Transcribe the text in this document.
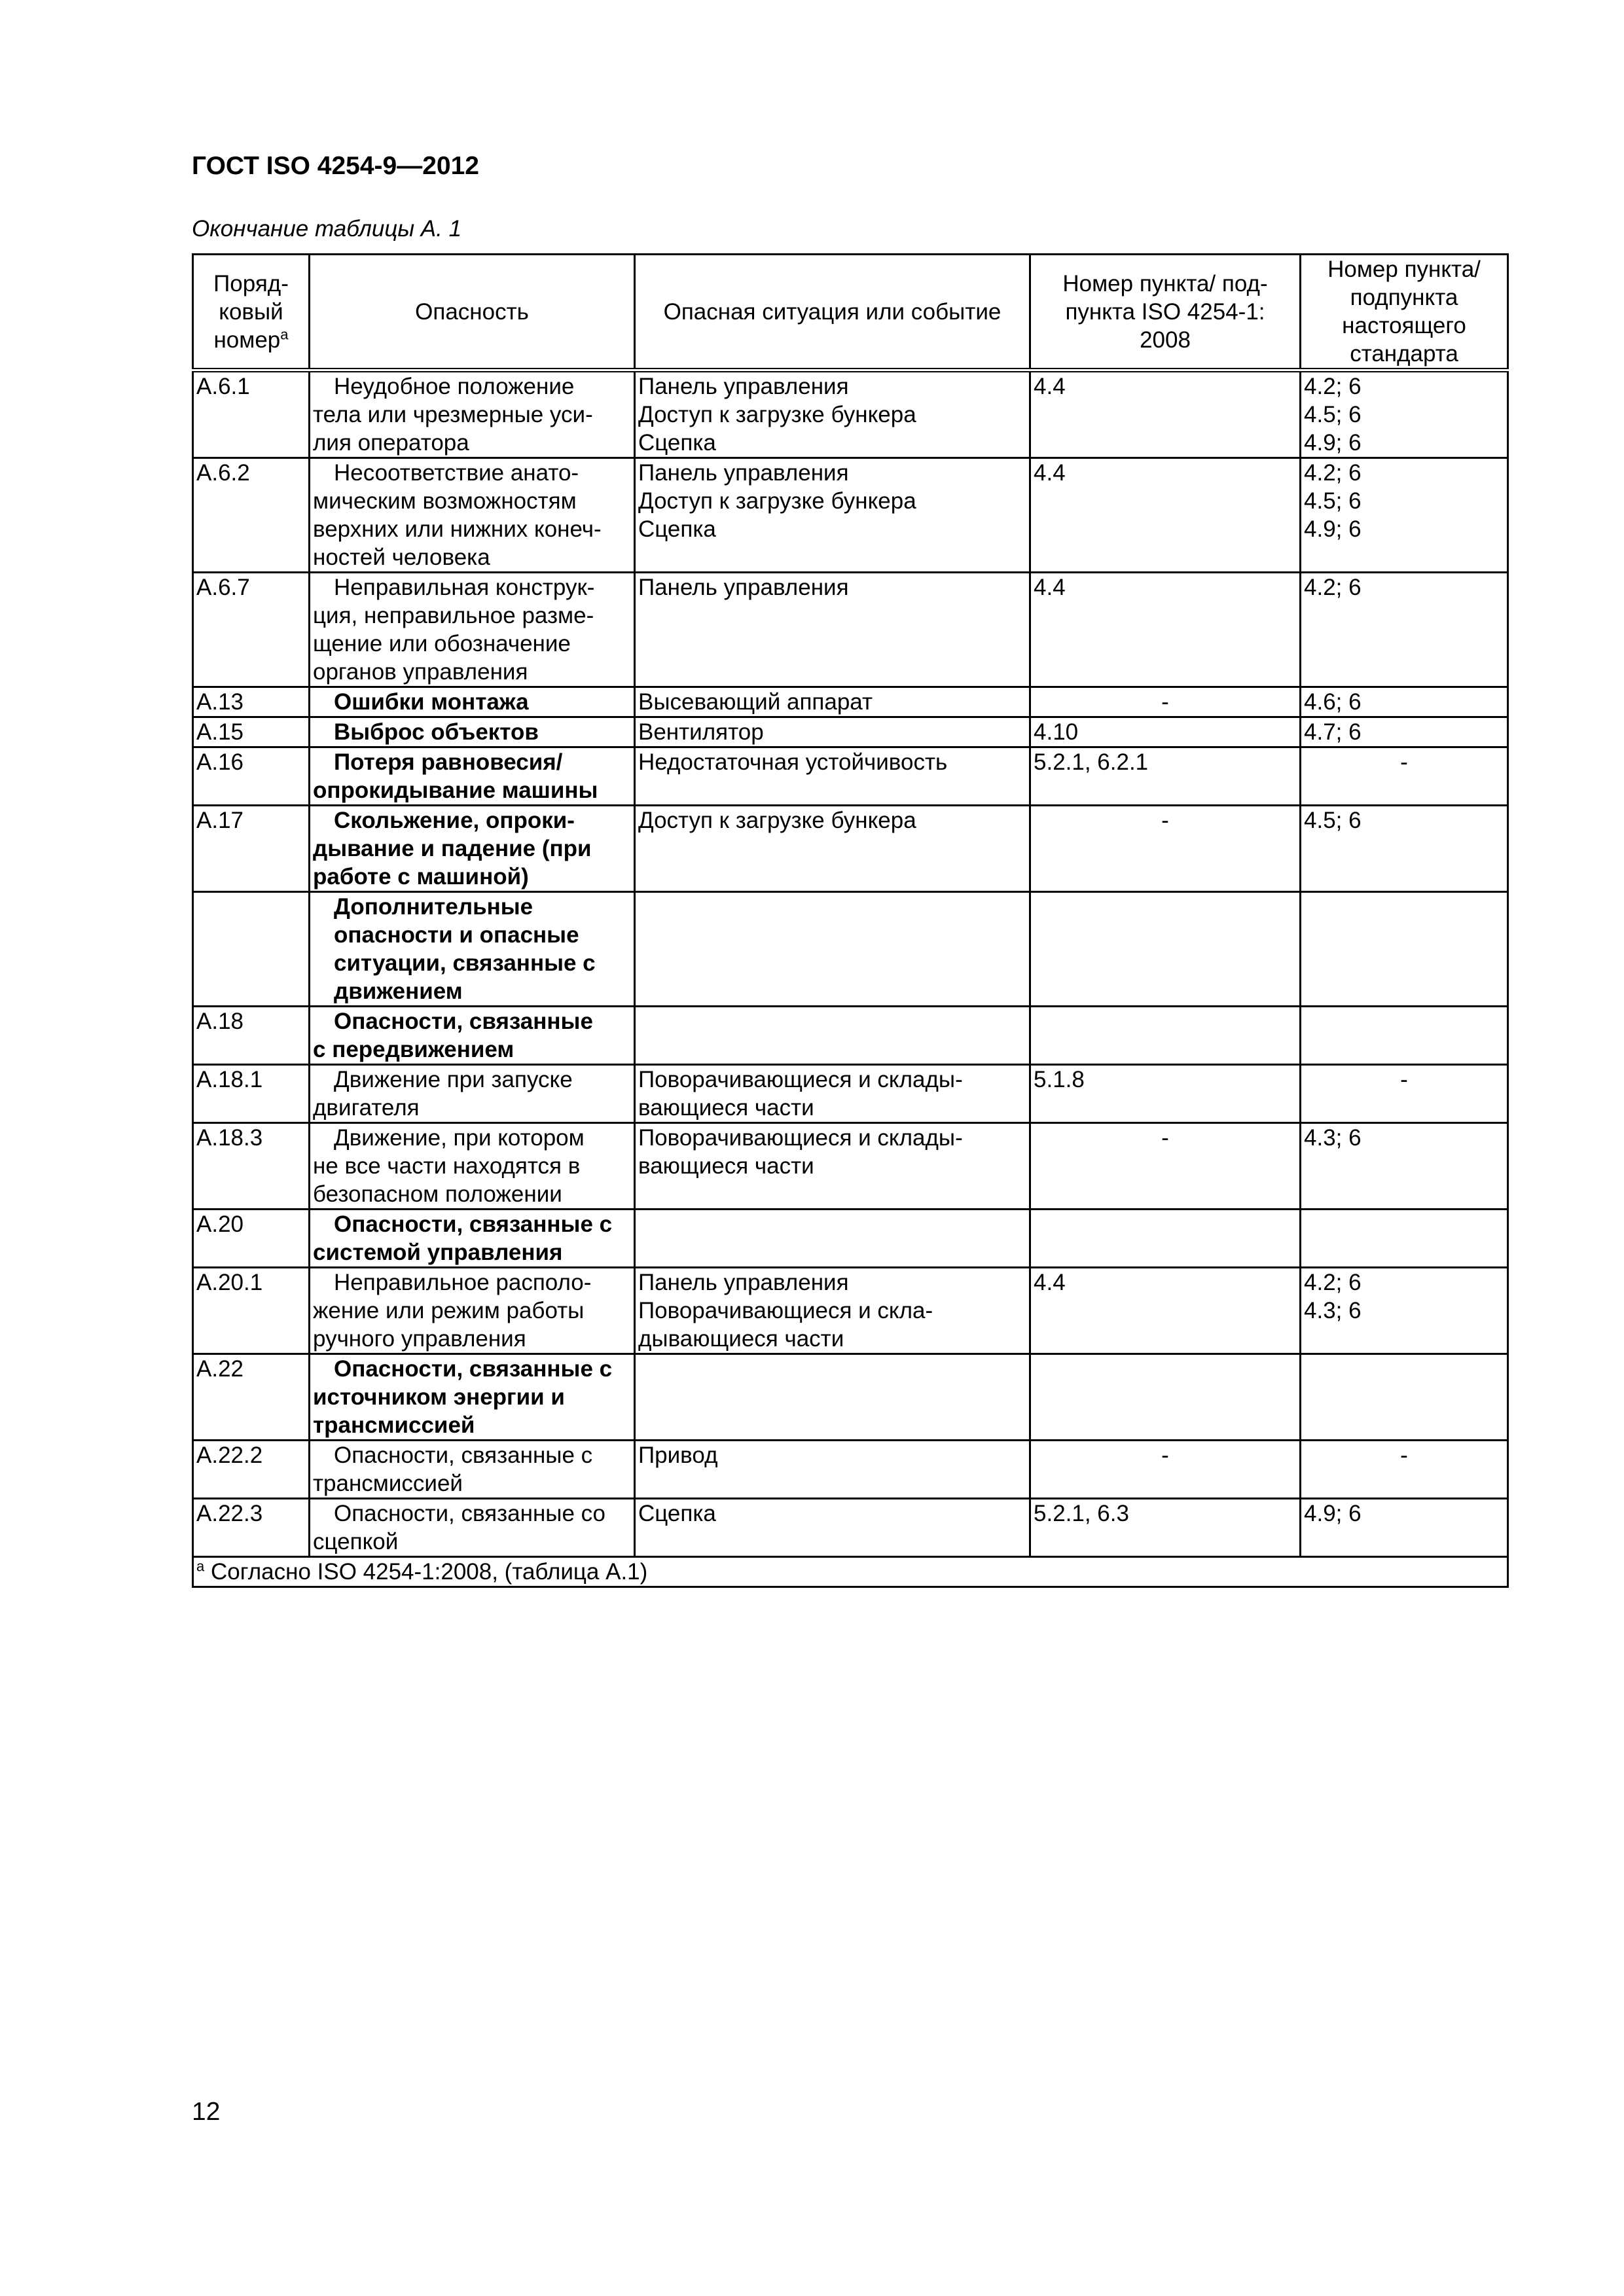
ГОСТ ISO 4254-9—2012
Окончание таблицы А. 1
Поряд-
ковый
номер$^a$	Опасность	Опасная ситуация или событие	Номер пункта/ под-
пункта ISO 4254-1:
2008	Номер пункта/
подпункта
настоящего
стандарта

А.6.1	Неудобное положение
тела или чрезмерные уси-
лия оператора	Панель управления
Доступ к загрузке бункера
Сцепка	4.4	4.2; 6
4.5; 6
4.9; 6

А.6.2	Несоответствие анато-
мическим возможностям
верхних или нижних конеч-
ностей человека	Панель управления
Доступ к загрузке бункера
Сцепка	4.4	4.2; 6
4.5; 6
4.9; 6

А.6.7	Неправильная конструк-
ция, неправильное разме-
щение или обозначение
органов управления	Панель управления	4.4	4.2; 6

А.13	Ошибки монтажа	Высевающий аппарат	-	4.6; 6

А.15	Выброс объектов	Вентилятор	4.10	4.7; 6

А.16	Потеря равновесия/
опрокидывание машины	Недостаточная устойчивость	5.2.1, 6.2.1	-

А.17	Скольжение, опроки-
дывание и падение (при
работе с машиной)	Доступ к загрузке бункера	-	4.5; 6

	Дополнительные
опасности и опасные
ситуации, связанные с
движением			

А.18	Опасности, связанные
с передвижением			

А.18.1	Движение при запуске
двигателя	Поворачивающиеся и склады-
вающиеся части	5.1.8	-

А.18.3	Движение, при котором
не все части находятся в
безопасном положении	Поворачивающиеся и склады-
вающиеся части	-	4.3; 6

А.20	Опасности, связанные с
системой управления			

А.20.1	Неправильное располо-
жение или режим работы
ручного управления	Панель управления
Поворачивающиеся и скла-
дывающиеся части	4.4	4.2; 6
4.3; 6

А.22	Опасности, связанные с
источником энергии и
трансмиссией			

А.22.2	Опасности, связанные с
трансмиссией	Привод	-	-

А.22.3	Опасности, связанные со
сцепкой	Сцепка	5.2.1, 6.3	4.9; 6

$^a$ Согласно ISO 4254-1:2008, (таблица А.1)				
12
